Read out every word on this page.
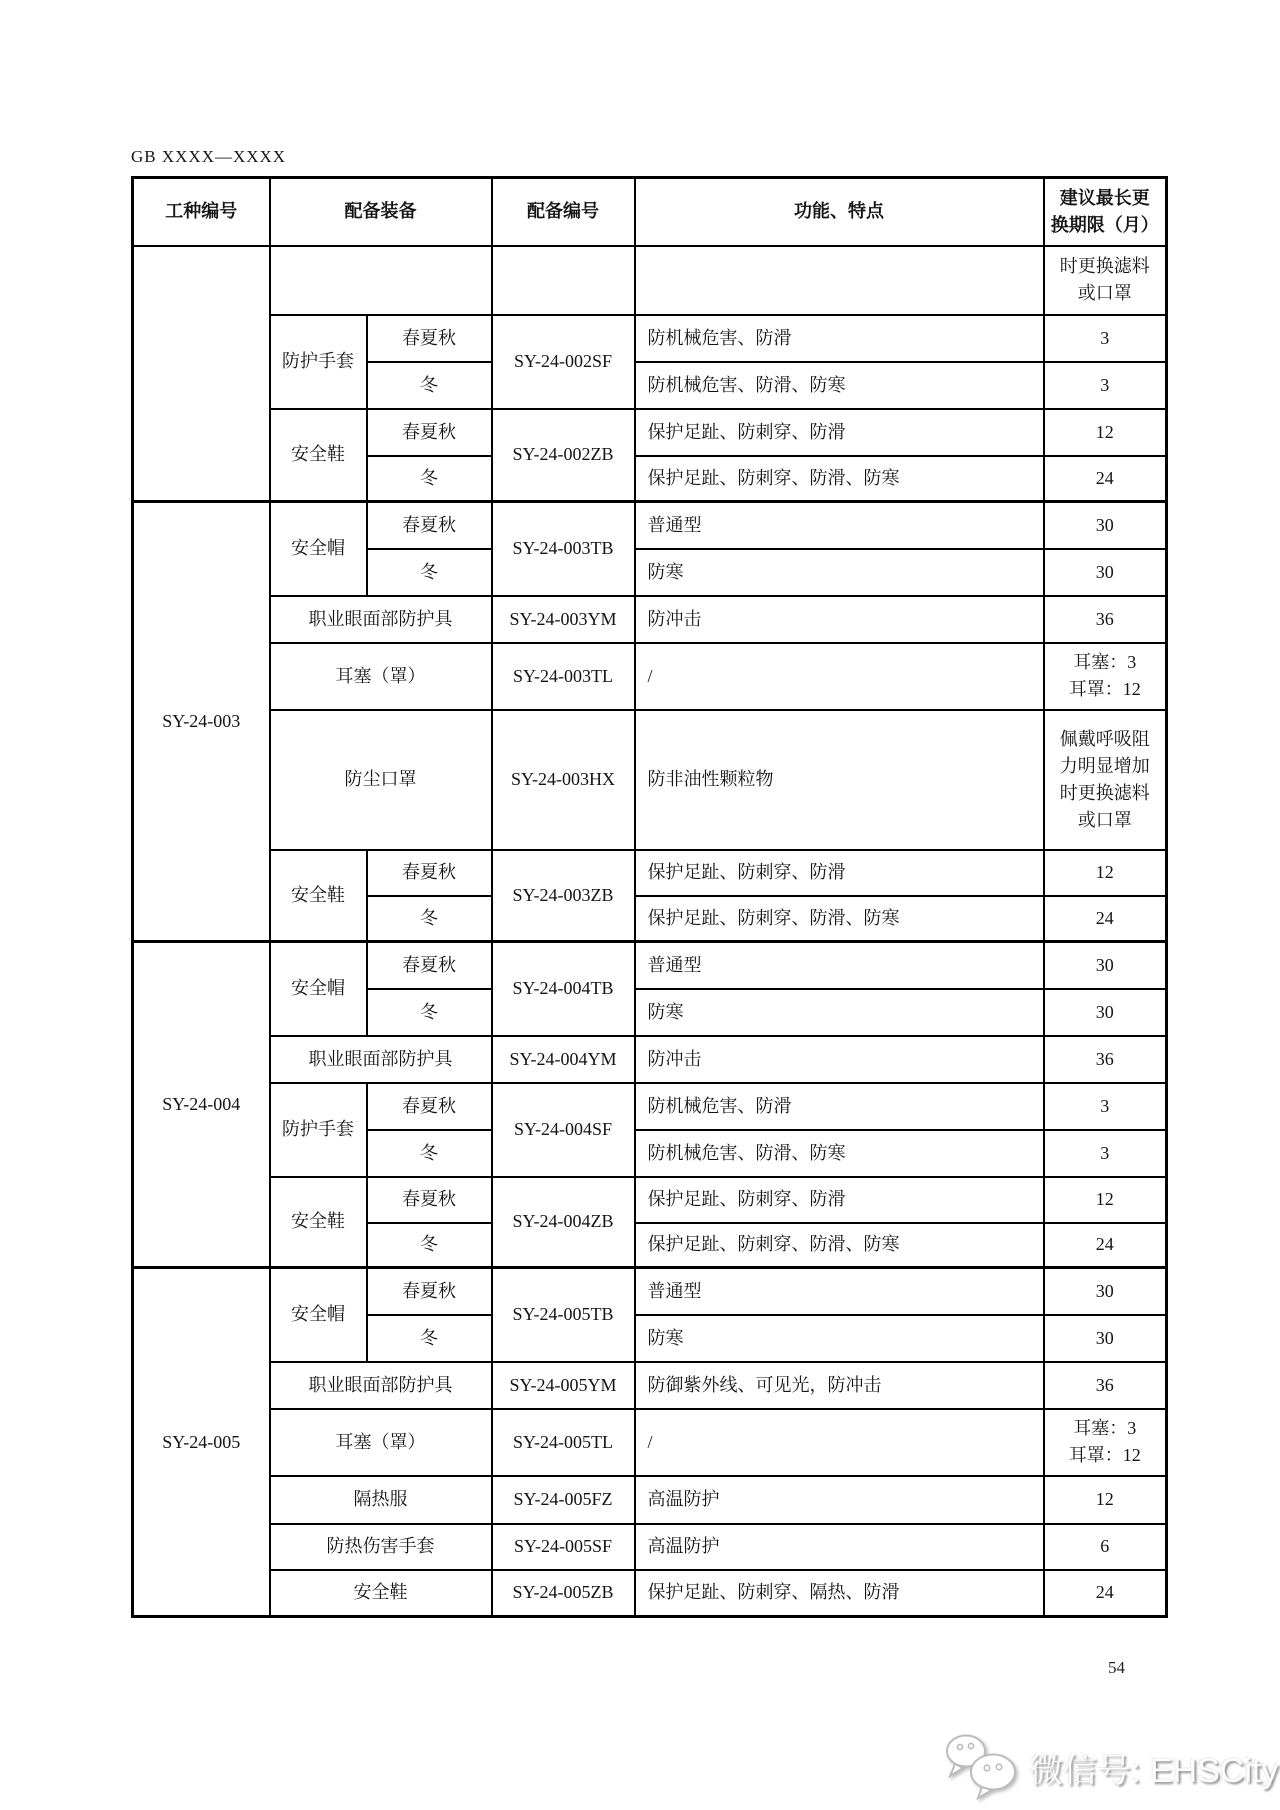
GB XXXX—XXXX
工种编号	配备装备		配备编号	功能、特点	建议最长更
换期限（月）

					时更换滤料
或口罩

	防护手套	春夏秋	SY-24-002SF	防机械危害、防滑	3
		冬		防机械危害、防滑、防寒	3
	安全鞋	春夏秋	SY-24-002ZB	保护足趾、防刺穿、防滑	12
		冬		保护足趾、防刺穿、防滑、防寒	24
SY-24-003	安全帽	春夏秋	SY-24-003TB	普通型	30
		冬		防寒	30
	职业眼面部防护具		SY-24-003YM	防冲击	36
	耳塞（罩）		SY-24-003TL	/	耳塞：3
耳罩：12

	防尘口罩		SY-24-003HX	防非油性颗粒物	佩戴呼吸阻
力明显增加
时更换滤料
或口罩

	安全鞋	春夏秋	SY-24-003ZB	保护足趾、防刺穿、防滑	12
		冬		保护足趾、防刺穿、防滑、防寒	24
SY-24-004	安全帽	春夏秋	SY-24-004TB	普通型	30
		冬		防寒	30
	职业眼面部防护具		SY-24-004YM	防冲击	36
	防护手套	春夏秋	SY-24-004SF	防机械危害、防滑	3
		冬		防机械危害、防滑、防寒	3
	安全鞋	春夏秋	SY-24-004ZB	保护足趾、防刺穿、防滑	12
		冬		保护足趾、防刺穿、防滑、防寒	24
SY-24-005	安全帽	春夏秋	SY-24-005TB	普通型	30
		冬		防寒	30
	职业眼面部防护具		SY-24-005YM	防御紫外线、可见光，防冲击	36
	耳塞（罩）		SY-24-005TL	/	耳塞：3
耳罩：12

	隔热服		SY-24-005FZ	高温防护	12
	防热伤害手套		SY-24-005SF	高温防护	6
	安全鞋		SY-24-005ZB	保护足趾、防刺穿、隔热、防滑	24
54
微信号: EHSCity
